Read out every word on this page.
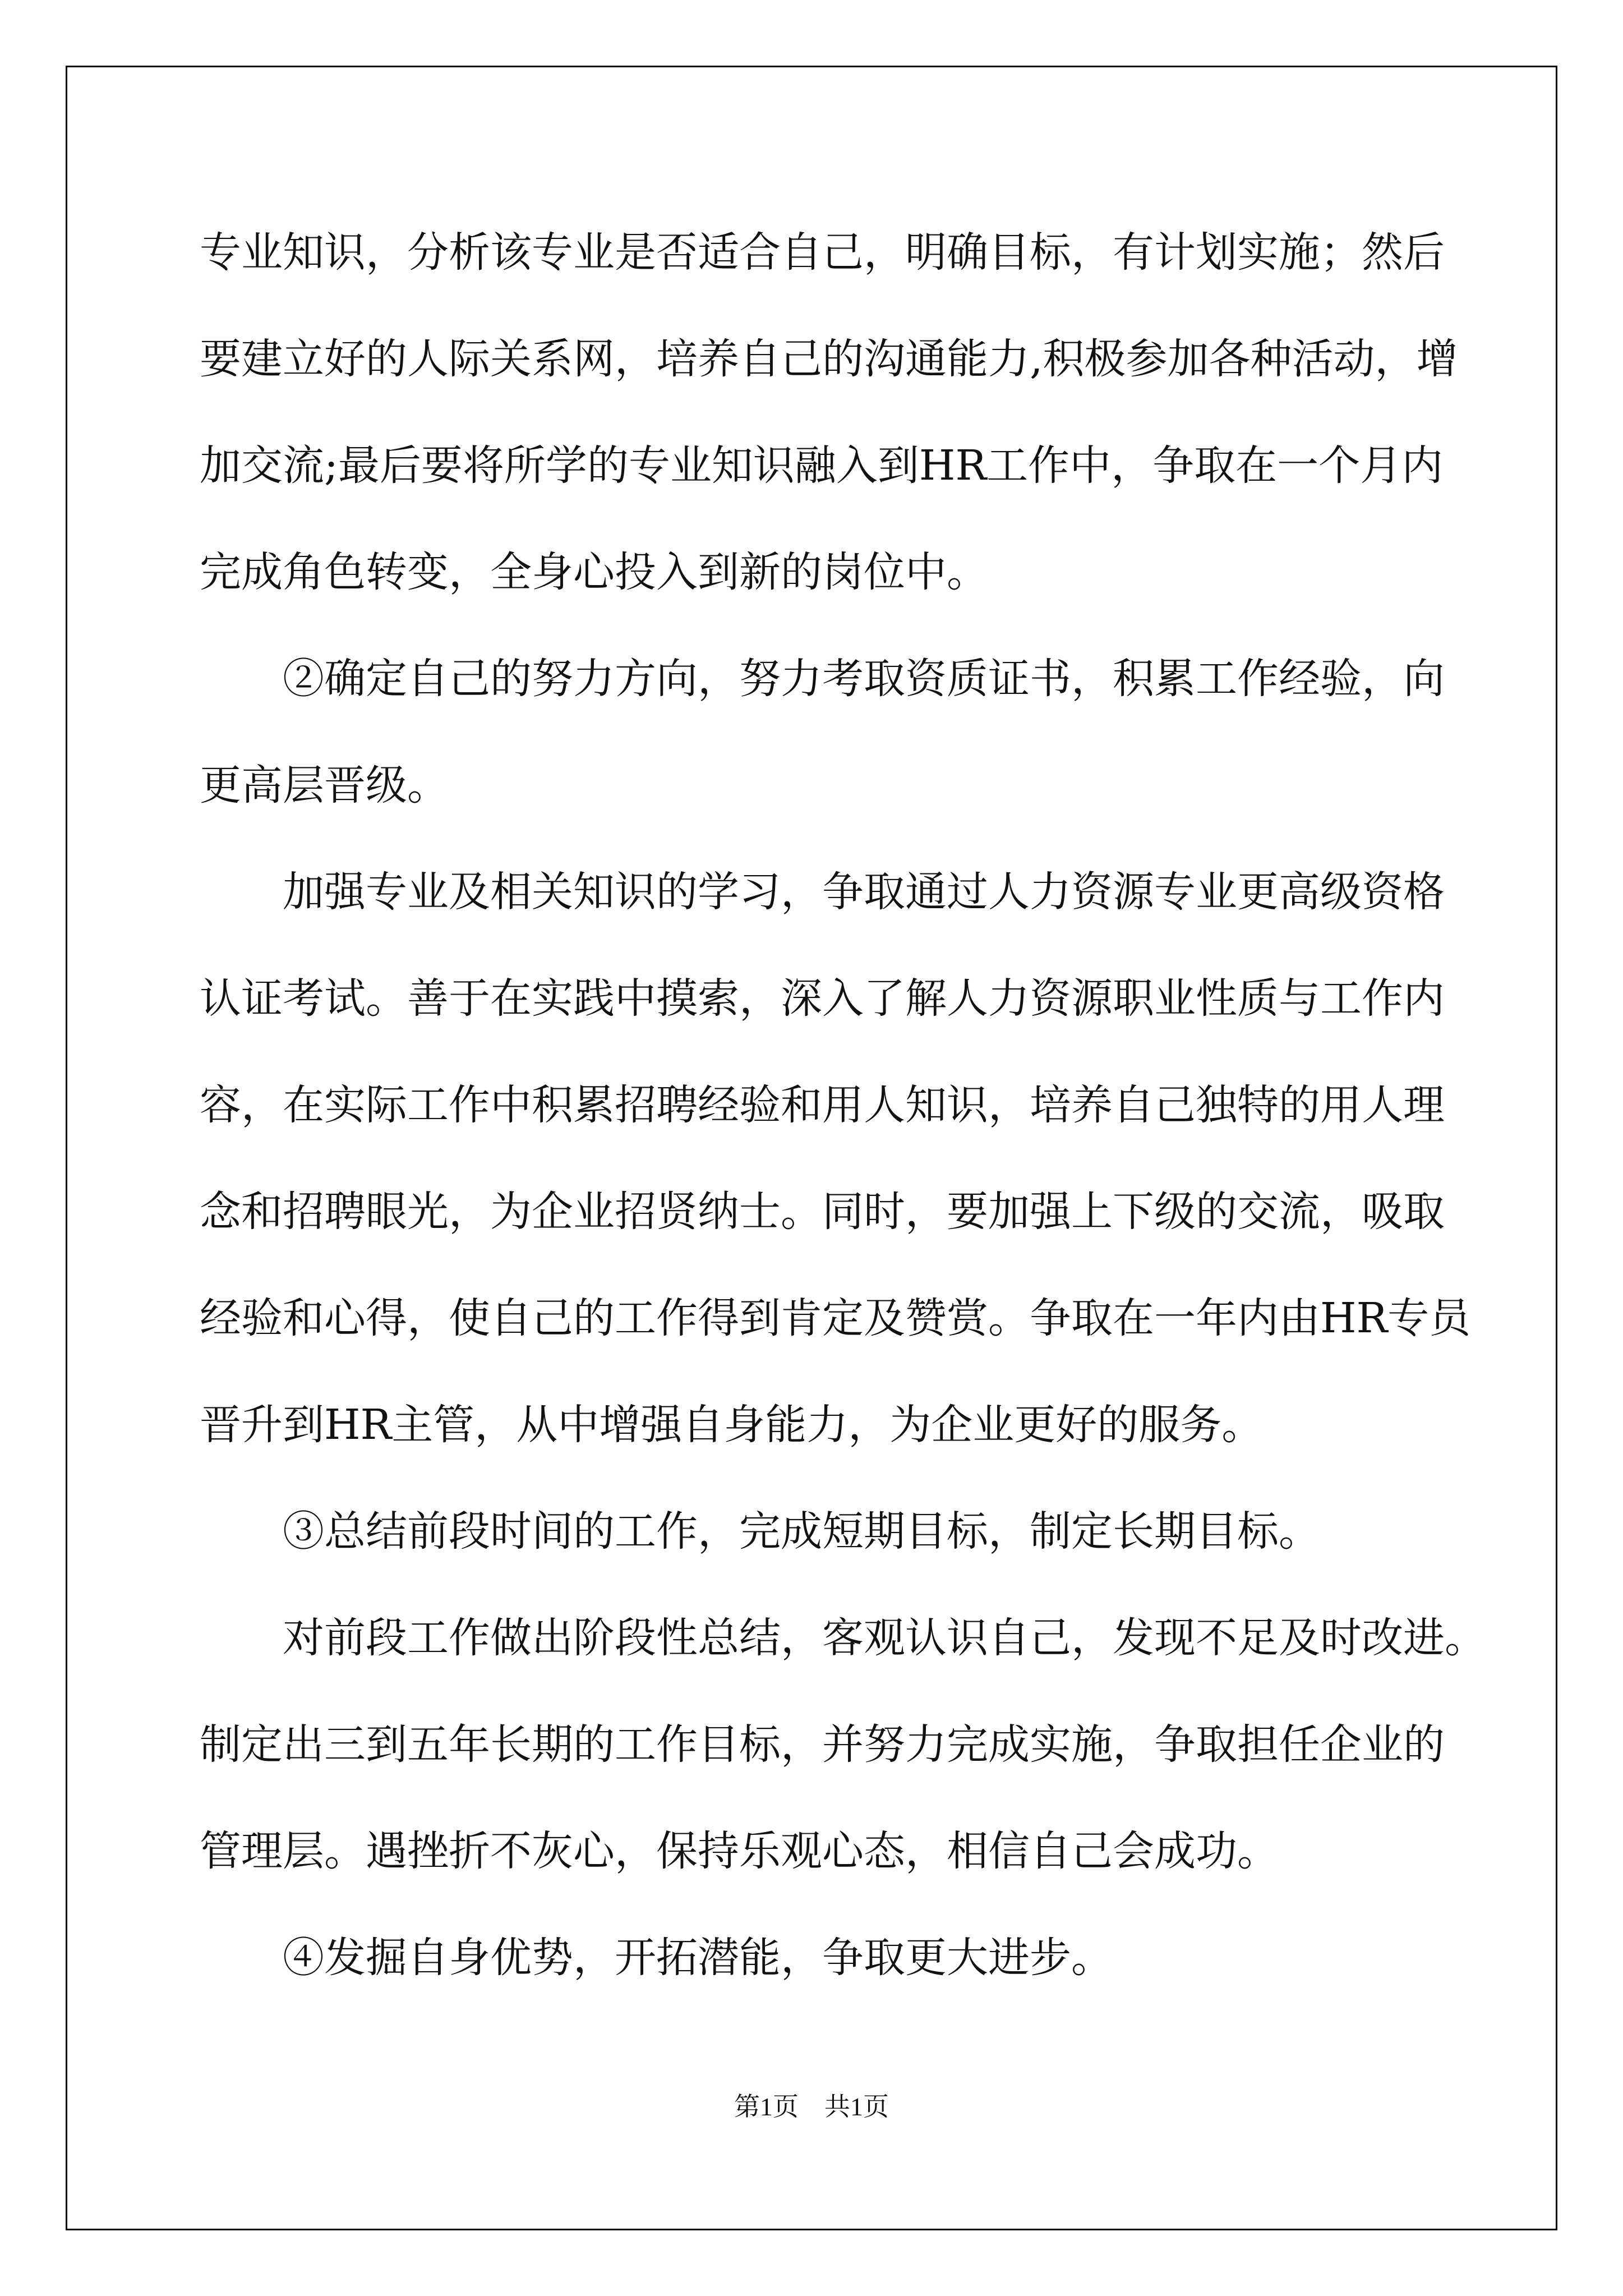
专业知识，分析该专业是否适合自己，明确目标，有计划实施；然后
要建立好的人际关系网，培养自己的沟通能力,积极参加各种活动，增
加交流;最后要将所学的专业知识融入到HR工作中，争取在一个月内
完成角色转变，全身心投入到新的岗位中。
②确定自己的努力方向，努力考取资质证书，积累工作经验，向
更高层晋级。
加强专业及相关知识的学习，争取通过人力资源专业更高级资格
认证考试。善于在实践中摸索，深入了解人力资源职业性质与工作内
容，在实际工作中积累招聘经验和用人知识，培养自己独特的用人理
念和招聘眼光，为企业招贤纳士。同时，要加强上下级的交流，吸取
经验和心得，使自己的工作得到肯定及赞赏。争取在一年内由HR专员
晋升到HR主管，从中增强自身能力，为企业更好的服务。
③总结前段时间的工作，完成短期目标，制定长期目标。
对前段工作做出阶段性总结，客观认识自己，发现不足及时改进。
制定出三到五年长期的工作目标，并努力完成实施，争取担任企业的
管理层。遇挫折不灰心，保持乐观心态，相信自己会成功。
④发掘自身优势，开拓潜能，争取更大进步。
第1页　共1页
